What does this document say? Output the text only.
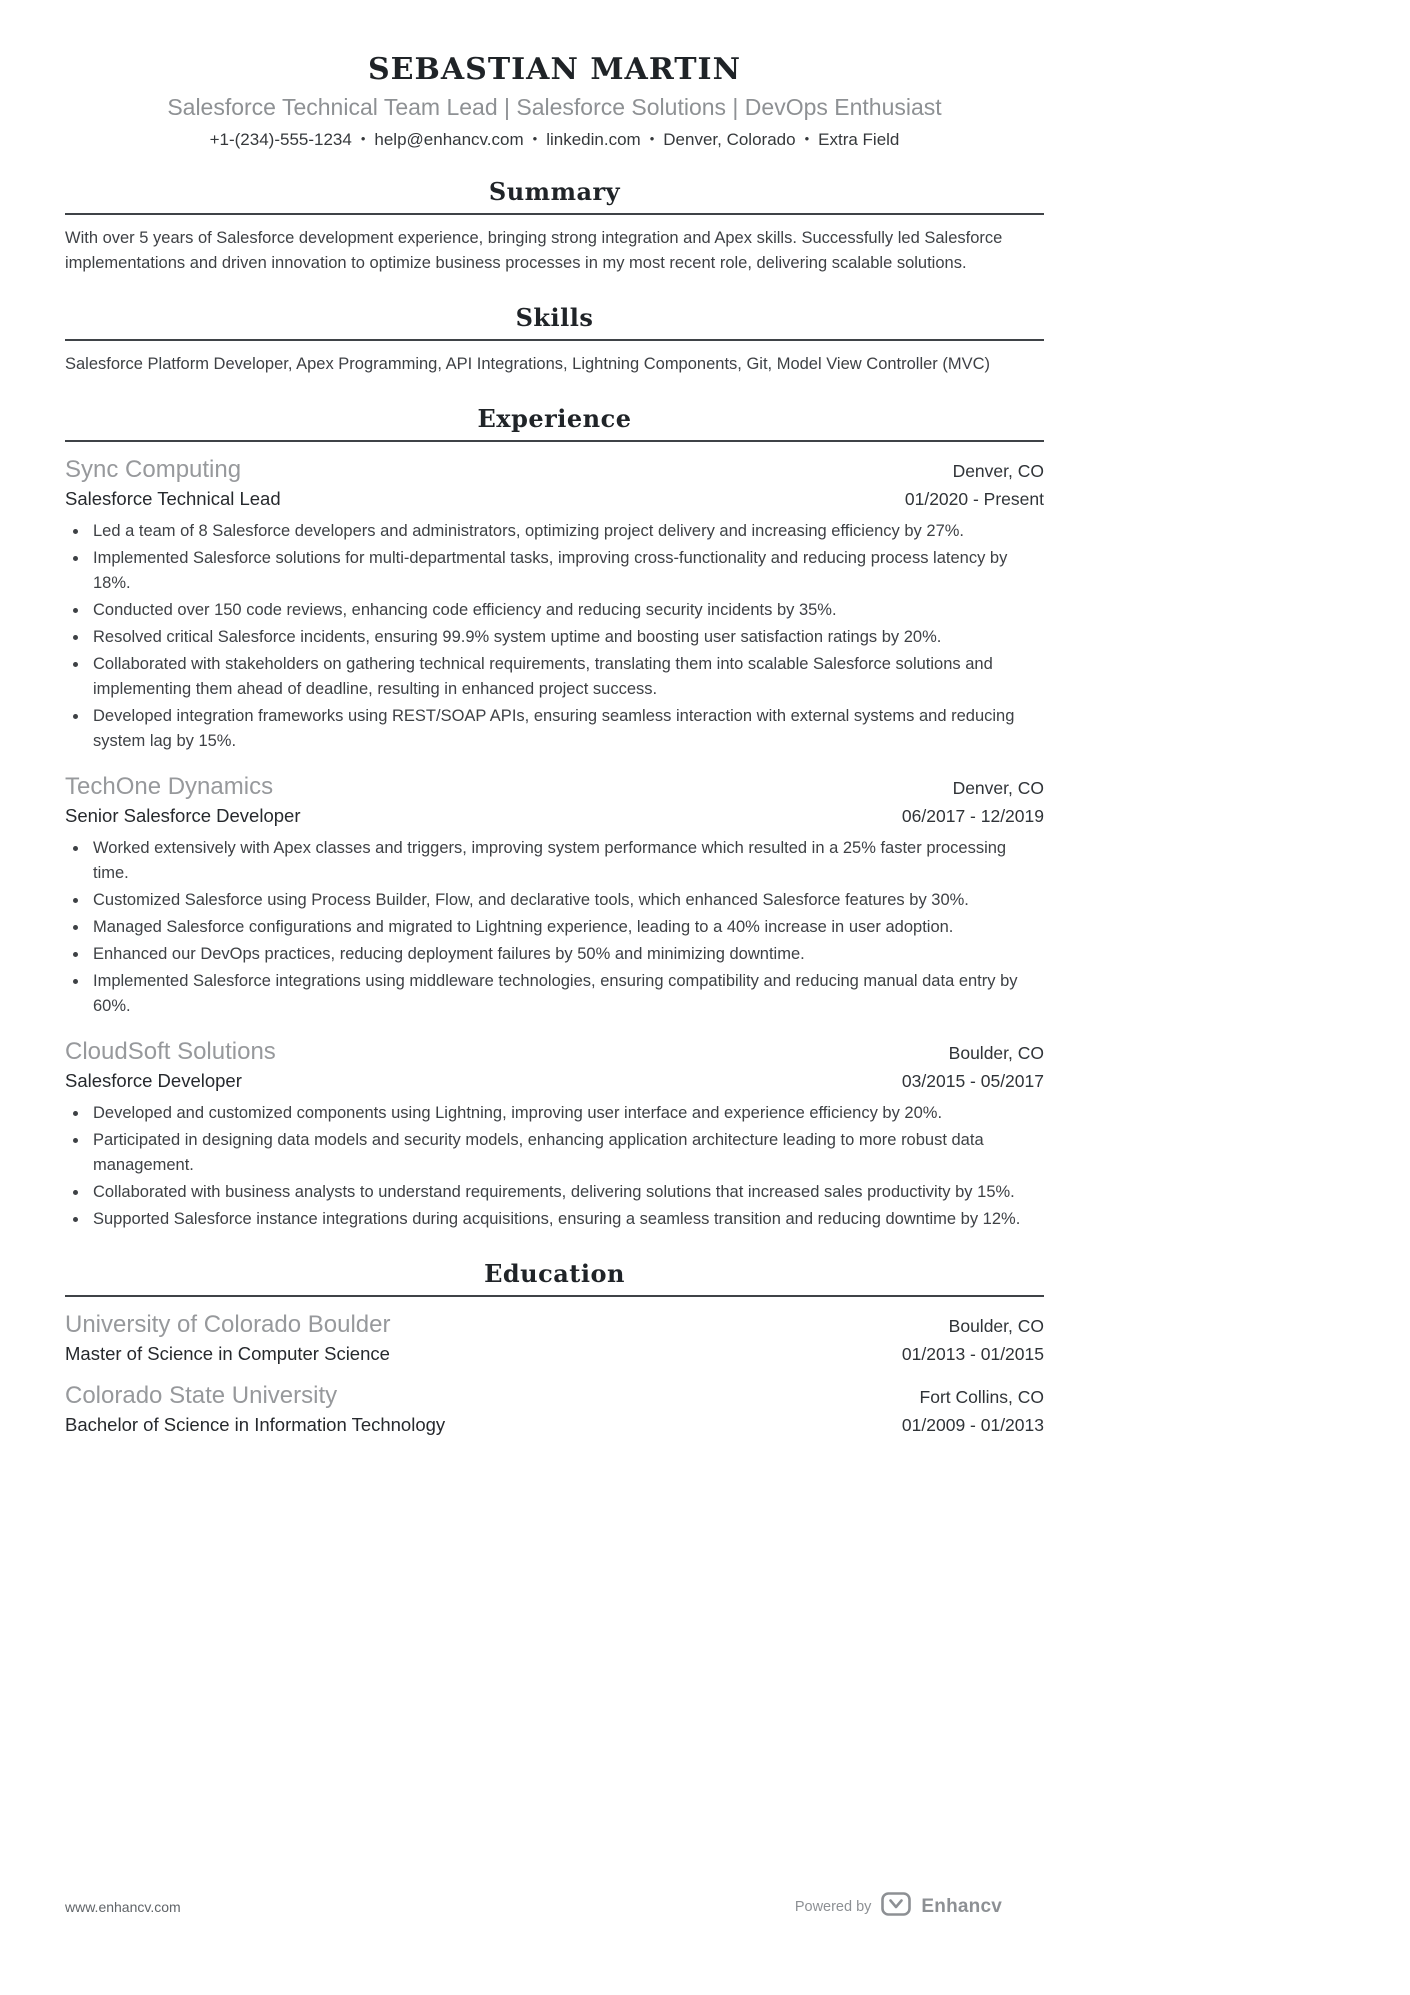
SEBASTIAN MARTIN
Salesforce Technical Team Lead | Salesforce Solutions | DevOps Enthusiast
+1-(234)-555-1234 • help@enhancv.com • linkedin.com • Denver, Colorado • Extra Field
Summary

With over 5 years of Salesforce development experience, bringing strong integration and Apex skills. Successfully led Salesforce implementations and driven innovation to optimize business processes in my most recent role, delivering scalable solutions.

Skills

Salesforce Platform Developer, Apex Programming, API Integrations, Lightning Components, Git, Model View Controller (MVC)

Experience
Sync Computing	Denver, CO
Salesforce Technical Lead	01/2020 - Present
• Led a team of 8 Salesforce developers and administrators, optimizing project delivery and increasing efficiency by 27%.
• Implemented Salesforce solutions for multi-departmental tasks, improving cross-functionality and reducing process latency by 18%.
• Conducted over 150 code reviews, enhancing code efficiency and reducing security incidents by 35%.
• Resolved critical Salesforce incidents, ensuring 99.9% system uptime and boosting user satisfaction ratings by 20%.
• Collaborated with stakeholders on gathering technical requirements, translating them into scalable Salesforce solutions and implementing them ahead of deadline, resulting in enhanced project success.
• Developed integration frameworks using REST/SOAP APIs, ensuring seamless interaction with external systems and reducing system lag by 15%.
TechOne Dynamics	Denver, CO
Senior Salesforce Developer	06/2017 - 12/2019
• Worked extensively with Apex classes and triggers, improving system performance which resulted in a 25% faster processing time.
• Customized Salesforce using Process Builder, Flow, and declarative tools, which enhanced Salesforce features by 30%.
• Managed Salesforce configurations and migrated to Lightning experience, leading to a 40% increase in user adoption.
• Enhanced our DevOps practices, reducing deployment failures by 50% and minimizing downtime.
• Implemented Salesforce integrations using middleware technologies, ensuring compatibility and reducing manual data entry by 60%.
CloudSoft Solutions	Boulder, CO
Salesforce Developer	03/2015 - 05/2017
• Developed and customized components using Lightning, improving user interface and experience efficiency by 20%.
• Participated in designing data models and security models, enhancing application architecture leading to more robust data management.
• Collaborated with business analysts to understand requirements, delivering solutions that increased sales productivity by 15%.
• Supported Salesforce instance integrations during acquisitions, ensuring a seamless transition and reducing downtime by 12%.
Education
University of Colorado Boulder	Boulder, CO
Master of Science in Computer Science	01/2013 - 01/2015
Colorado State University	Fort Collins, CO
Bachelor of Science in Information Technology	01/2009 - 01/2013
www.enhancv.com	Powered by	Enhancv
